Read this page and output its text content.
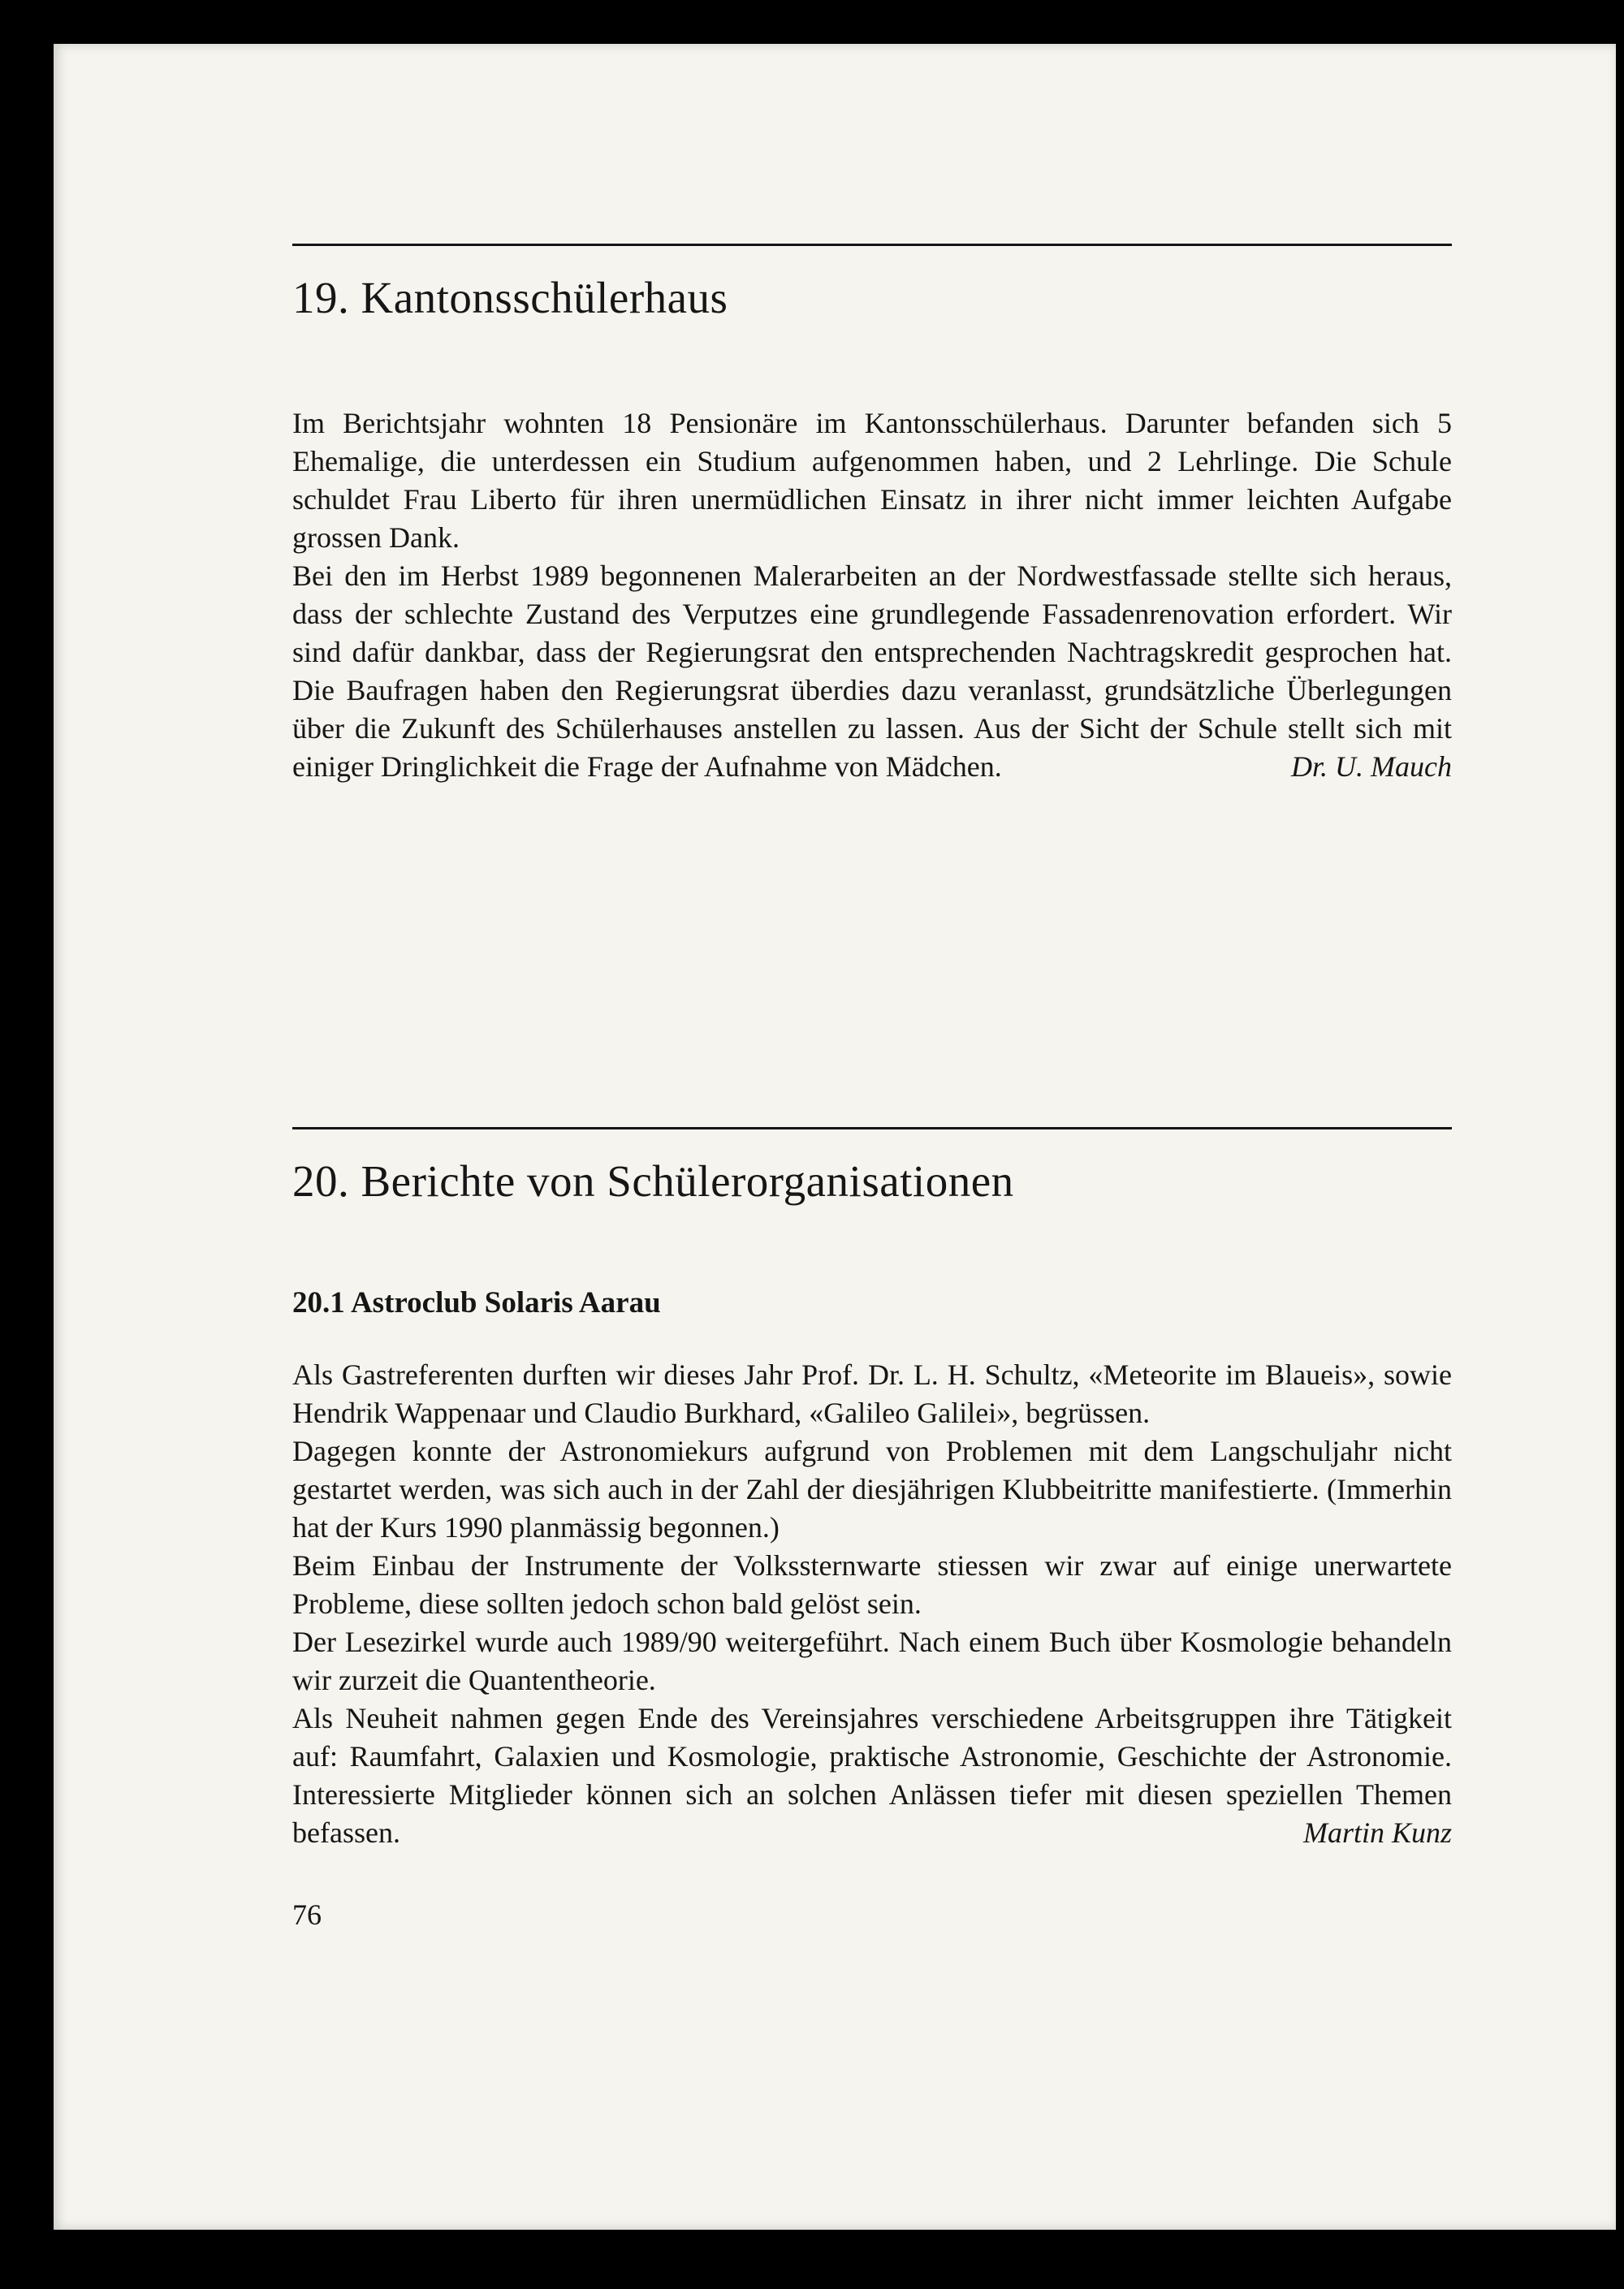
19. Kantonsschülerhaus

Im Berichtsjahr wohnten 18 Pensionäre im Kantonsschülerhaus. Darunter befanden sich 5 Ehemalige, die unterdessen ein Studium aufgenommen haben, und 2 Lehrlinge. Die Schule schuldet Frau Liberto für ihren unermüdlichen Einsatz in ihrer nicht immer leichten Aufgabe grossen Dank.

Bei den im Herbst 1989 begonnenen Malerarbeiten an der Nordwestfassade stellte sich heraus, dass der schlechte Zustand des Verputzes eine grundlegende Fassadenrenovation erfordert. Wir sind dafür dankbar, dass der Regierungsrat den entsprechenden Nachtragskredit gesprochen hat. Die Baufragen haben den Regierungsrat überdies dazu veranlasst, grundsätzliche Überlegungen über die Zukunft des Schülerhauses anstellen zu lassen. Aus der Sicht der Schule stellt sich mit einiger Dringlichkeit die Frage der Aufnahme von Mädchen.	Dr. U. Mauch

20. Berichte von Schülerorganisationen
20.1 Astroclub Solaris Aarau

Als Gastreferenten durften wir dieses Jahr Prof. Dr. L. H. Schultz, «Meteorite im Blaueis», sowie Hendrik Wappenaar und Claudio Burkhard, «Galileo Galilei», begrüssen.

Dagegen konnte der Astronomiekurs aufgrund von Problemen mit dem Langschuljahr nicht gestartet werden, was sich auch in der Zahl der diesjährigen Klubbeitritte manifestierte. (Immerhin hat der Kurs 1990 planmässig begonnen.)

Beim Einbau der Instrumente der Volkssternwarte stiessen wir zwar auf einige unerwartete Probleme, diese sollten jedoch schon bald gelöst sein.

Der Lesezirkel wurde auch 1989/90 weitergeführt. Nach einem Buch über Kosmologie behandeln wir zurzeit die Quantentheorie.

Als Neuheit nahmen gegen Ende des Vereinsjahres verschiedene Arbeitsgruppen ihre Tätigkeit auf: Raumfahrt, Galaxien und Kosmologie, praktische Astronomie, Geschichte der Astronomie. Interessierte Mitglieder können sich an solchen Anlässen tiefer mit diesen speziellen Themen befassen.	Martin Kunz

76
